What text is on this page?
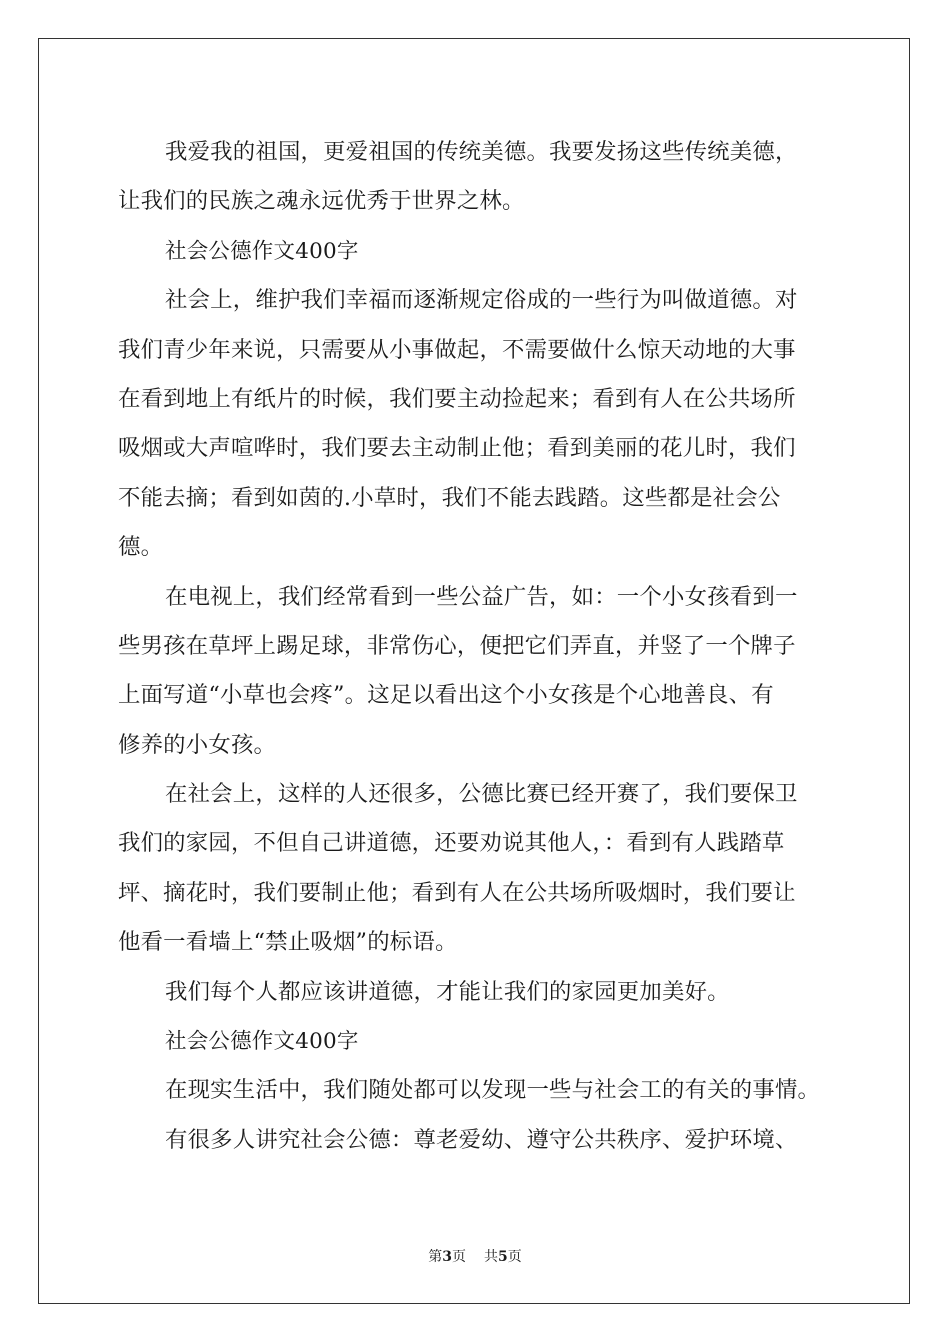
我爱我的祖国，更爱祖国的传统美德。我要发扬这些传统美德，
让我们的民族之魂永远优秀于世界之林。
社会公德作文400字
社会上，维护我们幸福而逐渐规定俗成的一些行为叫做道德。对
我们青少年来说，只需要从小事做起，不需要做什么惊天动地的大事
在看到地上有纸片的时候，我们要主动捡起来；看到有人在公共场所
吸烟或大声喧哗时，我们要去主动制止他；看到美丽的花儿时，我们
不能去摘；看到如茵的.小草时，我们不能去践踏。这些都是社会公
德。
在电视上，我们经常看到一些公益广告，如：一个小女孩看到一
些男孩在草坪上踢足球，非常伤心，便把它们弄直，并竖了一个牌子
上面写道“小草也会疼”。这足以看出这个小女孩是个心地善良、有
修养的小女孩。
在社会上，这样的人还很多，公德比赛已经开赛了，我们要保卫
我们的家园，不但自己讲道德，还要劝说其他人，：看到有人践踏草
坪、摘花时，我们要制止他；看到有人在公共场所吸烟时，我们要让
他看一看墙上“禁止吸烟”的标语。
我们每个人都应该讲道德，才能让我们的家园更加美好。
社会公德作文400字
在现实生活中，我们随处都可以发现一些与社会工的有关的事情。
有很多人讲究社会公德：尊老爱幼、遵守公共秩序、爱护环境、
第3页 共5页
